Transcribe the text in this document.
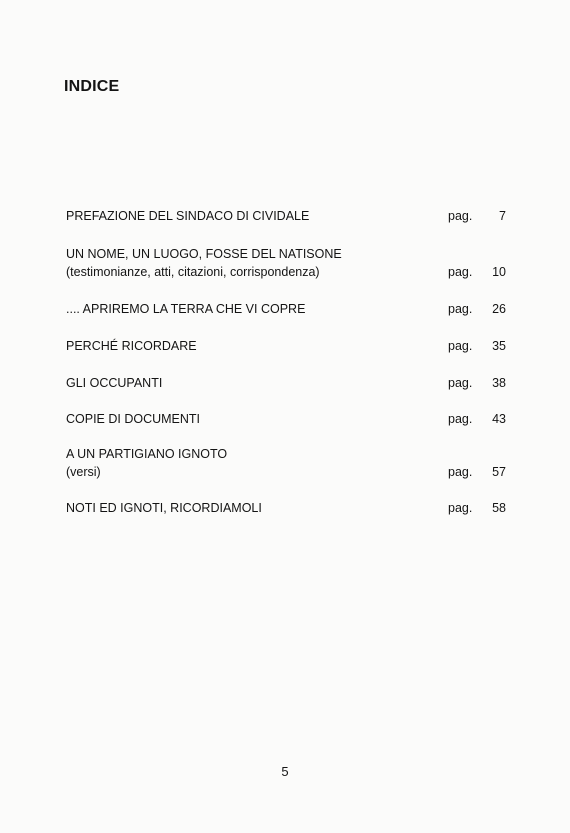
INDICE
PREFAZIONE DEL SINDACO DI CIVIDALE	pag.	7
UN NOME, UN LUOGO, FOSSE DEL NATISONE
(testimonianze, atti, citazioni, corrispondenza)	pag.	10
.... APRIREMO LA TERRA CHE VI COPRE	pag.	26
PERCHÉ RICORDARE	pag.	35
GLI OCCUPANTI	pag.	38
COPIE DI DOCUMENTI	pag.	43
A UN PARTIGIANO IGNOTO
(versi)	pag.	57
NOTI ED IGNOTI, RICORDIAMOLI	pag.	58
5
